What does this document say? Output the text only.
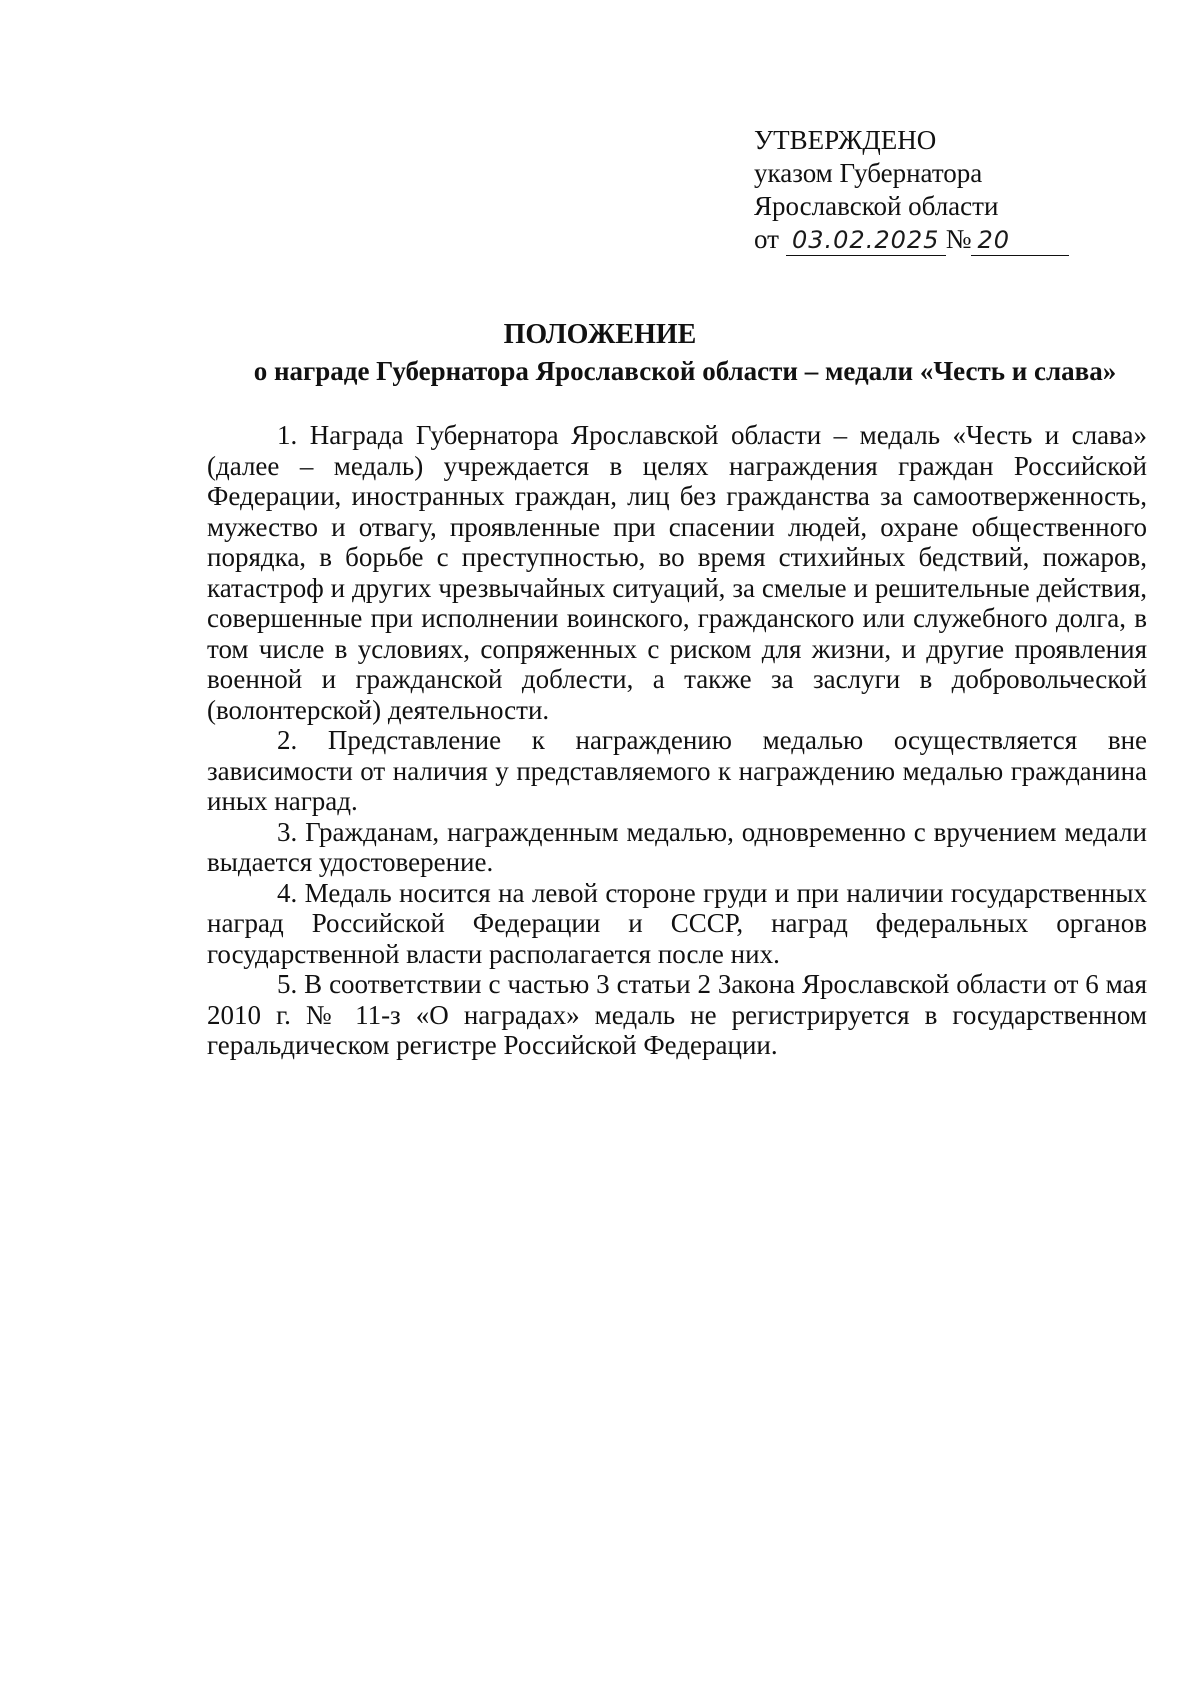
УТВЕРЖДЕНО
указом Губернатора
Ярославской области
от 03.02.2025 № 20
ПОЛОЖЕНИЕ
о награде Губернатора Ярославской области – медали «Честь и слава»

1. Награда Губернатора Ярославской области – медаль «Честь и слава» (далее – медаль) учреждается в целях награждения граждан Российской Федерации, иностранных граждан, лиц без гражданства за самоотверженность, мужество и отвагу, проявленные при спасении людей, охране общественного порядка, в борьбе с преступностью, во время стихийных бедствий, пожаров, катастроф и других чрезвычайных ситуаций, за смелые и решительные действия, совершенные при исполнении воинского, гражданского или служебного долга, в том числе в условиях, сопряженных с риском для жизни, и другие проявления военной и гражданской доблести, а также за заслуги в добровольческой (волонтерской) деятельности.

2. Представление к награждению медалью осуществляется вне зависимости от наличия у представляемого к награждению медалью гражданина иных наград.

3. Гражданам, награжденным медалью, одновременно с вручением медали выдается удостоверение.

4. Медаль носится на левой стороне груди и при наличии государственных наград Российской Федерации и СССР, наград федеральных органов государственной власти располагается после них.

5. В соответствии с частью 3 статьи 2 Закона Ярославской области от 6 мая 2010 г. № 11-з «О наградах» медаль не регистрируется в государственном геральдическом регистре Российской Федерации.
